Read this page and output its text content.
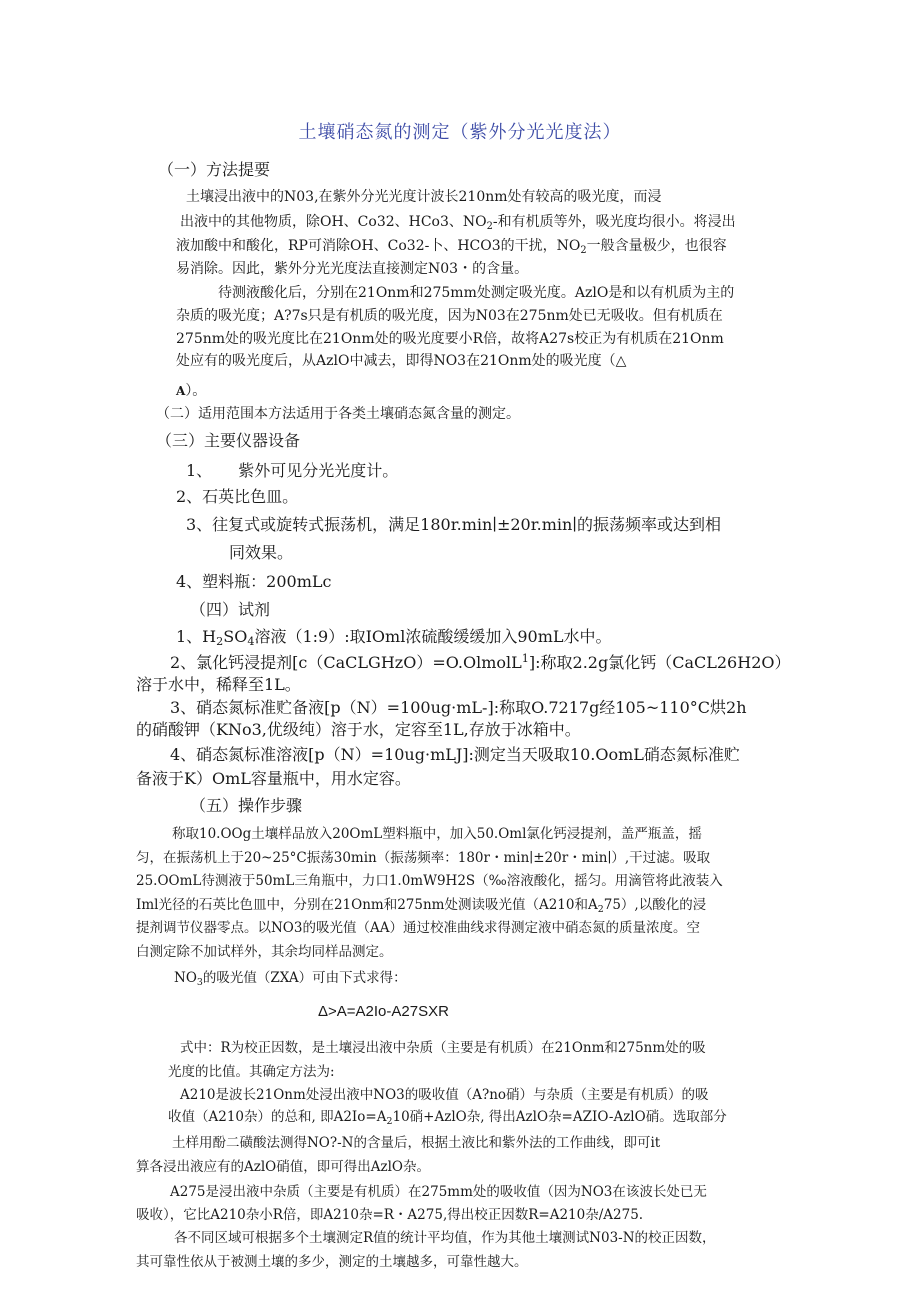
土壤硝态氮的测定（紫外分光光度法）
（一）方法提要
土壤浸出液中的N03,在紫外分光光度计波长210nm处有较高的吸光度，而浸
出液中的其他物质，除OH、Co32、HCo3、$NO_2-$和有机质等外，吸光度均很小。将浸出
液加酸中和酸化，RP可消除OH、Co32-卜、HCO3的干扰，$NO_2$一般含量极少，也很容
易消除。因此，紫外分光光度法直接测定N03・的含量。
待测液酸化后，分别在21Onm和275mm处测定吸光度。AzlO是和以有机质为主的
杂质的吸光度；A?7s只是有机质的吸光度，因为N03在275nm处已无吸收。但有机质在
275nm处的吸光度比在21Onm处的吸光度要小R倍，故将A27s校正为有机质在21Onm
处应有的吸光度后，从AzlO中减去，即得NO3在21Onm处的吸光度（△
A）。
（二）适用范围本方法适用于各类土壤硝态氮含量的测定。
（三）主要仪器设备
1、 紫外可见分光光度计。
2、石英比色皿。
3、往复式或旋转式振荡机，满足180r.min∣±20r.min∣的振荡频率或达到相
同效果。
4、塑料瓶：200mLc
（四）试剂
1、$H_2SO_4$溶液（1:9）:取IOml浓硫酸缓缓加入90mL水中。
2、氯化钙浸提剂[c（CaCLGHzO）=O.OlmolL$^1$]:称取2.2g氯化钙（CaCL26H2O）
溶于水中，稀释至1L。
3、硝态氮标准贮备液[p（N）=100ug·mL-]:称取O.7217g经105~110°C烘2h
的硝酸钾（KNo3,优级纯）溶于水，定容至1L,存放于冰箱中。
4、硝态氮标准溶液[p（N）=10ug·mLJ]:测定当天吸取10.OomL硝态氮标准贮
备液于K）OmL容量瓶中，用水定容。
（五）操作步骤
称取10.OOg土壤样品放入20OmL塑料瓶中，加入50.Oml氯化钙浸提剂，盖严瓶盖，摇
匀，在振荡机上于20~25°C振荡30min（振荡频率：180r・min∣±20r・min∣）,干过滤。吸取
25.OOmL待测液于50mL三角瓶中，力口1.0mW9H2S（‰溶液酸化，摇匀。用滴管将此液装入
Iml光径的石英比色皿中，分别在21Onm和275nm处测读吸光值（A210和$A_275$）,以酸化的浸
提剂调节仪器零点。以NO3的吸光值（AA）通过校准曲线求得测定液中硝态氮的质量浓度。空
白测定除不加试样外，其余均同样品测定。
$NO_3$的吸光值（ZXA）可由下式求得：
Δ>A=A2Io-A27SXR
式中：R为校正因数，是土壤浸出液中杂质（主要是有机质）在21Onm和275nm处的吸
光度的比值。其确定方法为:
A210是波长21Onm处浸出液中NO3的吸收值（A?no硝）与杂质（主要是有机质）的吸
收值（A210杂）的总和, 即$A2Io=A_210$硝+AzlO杂, 得出AzlO杂=AZIO-AzlO硝。选取部分
土样用酚二磺酸法测得NO?-N的含量后，根据土液比和紫外法的工作曲线，即可it
算各浸出液应有的AzlO硝值，即可得出AzlO杂。
A275是浸出液中杂质（主要是有机质）在275mm处的吸收值（因为NO3在该波长处已无
吸收），它比A210杂小R倍，即A210杂=R・A275,得出校正因数R=A210杂/A275.
各不同区域可根据多个土壤测定R值的统计平均值，作为其他土壤测试N03-N的校正因数，
其可靠性依从于被测土壤的多少，测定的土壤越多，可靠性越大。
